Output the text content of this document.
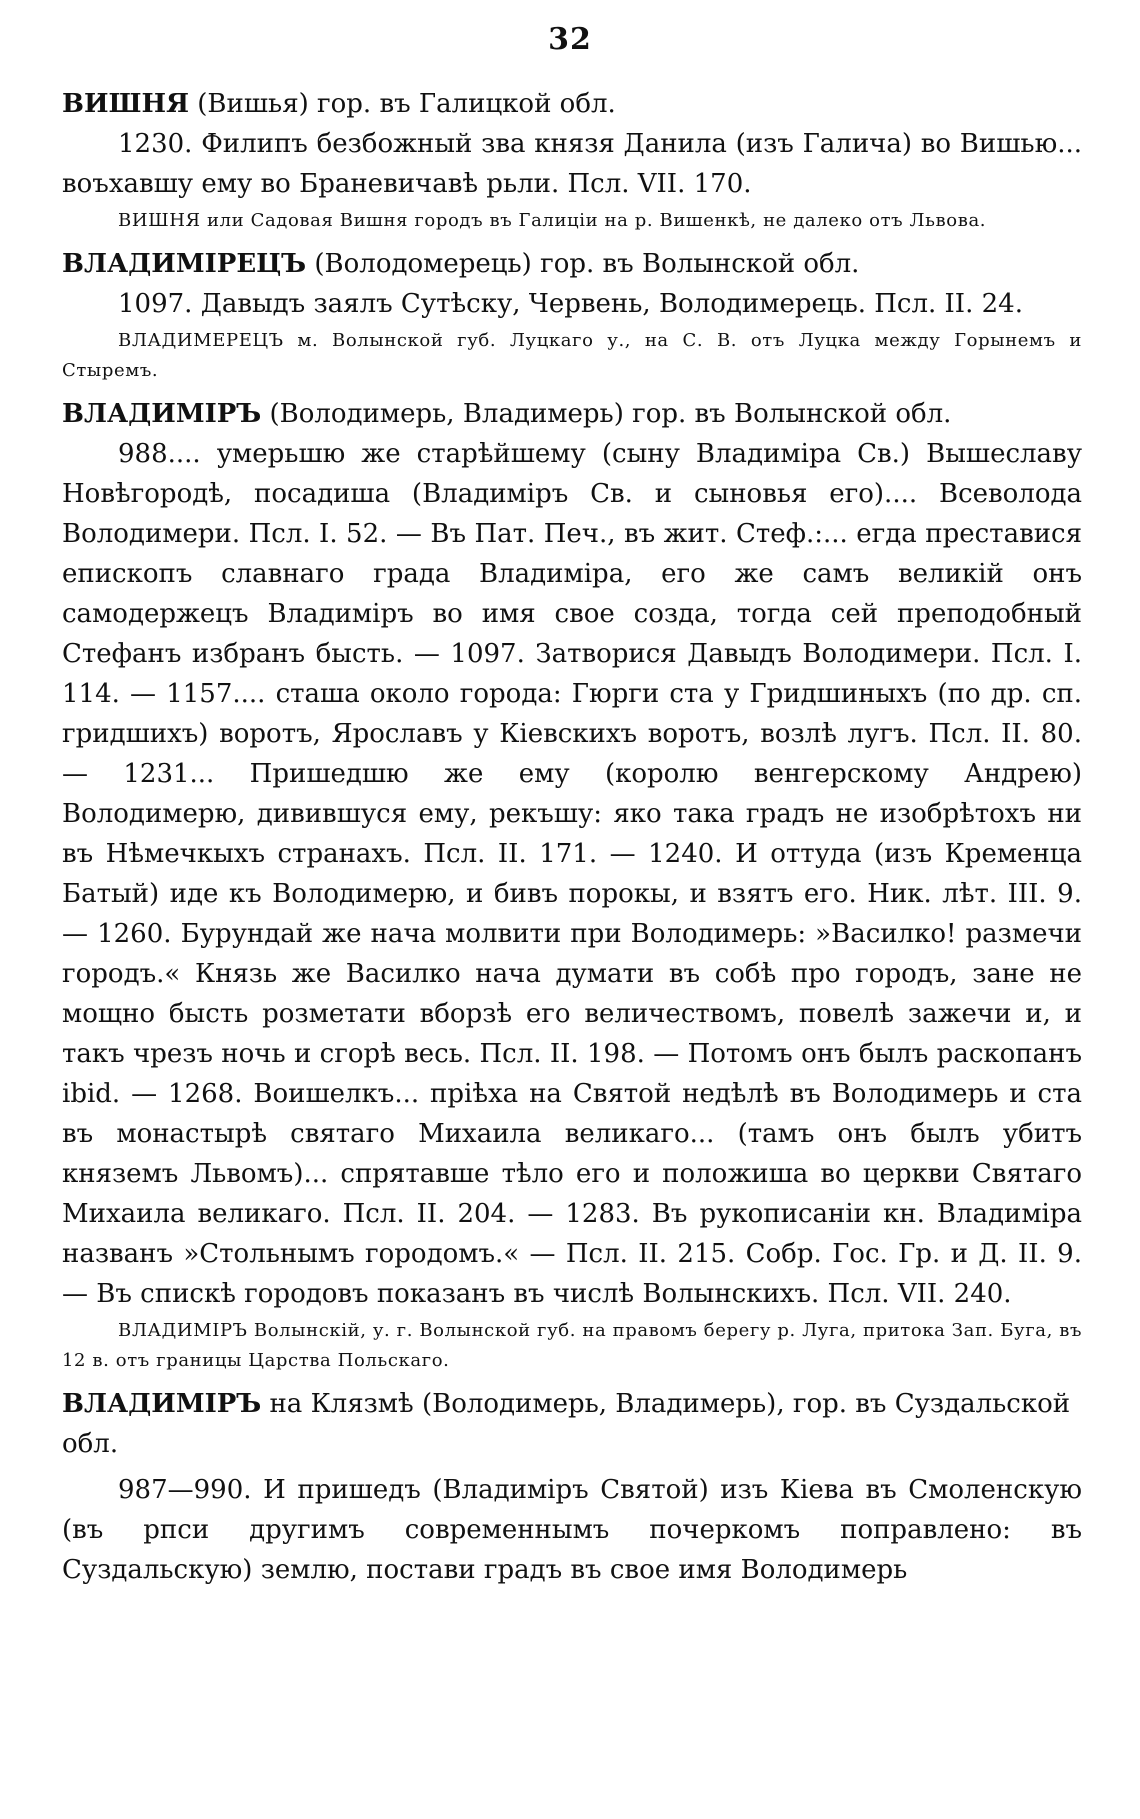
32

ВИШНЯ (Вишья) гор. въ Галицкой обл.

1230. Филипъ безбожный зва князя Данила (изъ Галича) во Вишью... воъхавшу ему во Браневичавѣ рьли. Псл. VII. 170.

ВИШНЯ или Садовая Вишня городъ въ Галиціи на р. Вишенкѣ, не далеко отъ Львова.

ВЛАДИМІРЕЦЪ (Володомерець) гор. въ Волынской обл.

1097. Давыдъ заялъ Сутѣску, Червень, Володимерець. Псл. II. 24.

ВЛАДИМЕРЕЦЪ м. Волынской губ. Луцкаго у., на С. В. отъ Луцка между Горынемъ и Стыремъ.

ВЛАДИМІРЪ (Володимерь, Владимерь) гор. въ Волынской обл.

988.... умерьшю же старѣйшему (сыну Владиміра Св.) Вышеславу Новѣгородѣ, посадиша (Владиміръ Св. и сыновья его).... Всеволода Володимери. Псл. I. 52. — Въ Пат. Печ., въ жит. Стеф.:... егда преставися епископъ славнаго града Владиміра, его же самъ великій онъ самодержецъ Владиміръ во имя свое созда, тогда сей преподобный Стефанъ избранъ бысть. — 1097. Затворися Давыдъ Володимери. Псл. I. 114. — 1157.... сташа около города: Гюрги ста у Гридшиныхъ (по др. сп. гридшихъ) воротъ, Ярославъ у Кіевскихъ воротъ, возлѣ лугъ. Псл. II. 80. — 1231... Пришедшю же ему (королю венгерскому Андрею) Володимерю, дивившуся ему, рекъшу: яко така градъ не изобрѣтохъ ни въ Нѣмечкыхъ странахъ. Псл. II. 171. — 1240. И оттуда (изъ Кременца Батый) иде къ Володимерю, и бивъ порокы, и взятъ его. Ник. лѣт. III. 9. — 1260. Бурундай же нача молвити при Володимерь: »Василко! размечи городъ.« Князь же Василко нача думати въ собѣ про городъ, зане не мощно бысть розметати вборзѣ его величествомъ, повелѣ зажечи и, и такъ чрезъ ночь и сгорѣ весь. Псл. II. 198. — Потомъ онъ былъ раскопанъ ibid. — 1268. Воишелкъ... пріѣха на Святой недѣлѣ въ Володимерь и ста въ монастырѣ святаго Михаила великаго... (тамъ онъ былъ убитъ княземъ Львомъ)... спрятавше тѣло его и положиша во церкви Святаго Михаила великаго. Псл. II. 204. — 1283. Въ рукописаніи кн. Владиміра названъ »Стольнымъ городомъ.« — Псл. II. 215. Собр. Гос. Гр. и Д. II. 9. — Въ спискѣ городовъ показанъ въ числѣ Волынскихъ. Псл. VII. 240.

ВЛАДИМІРЪ Волынскій, у. г. Волынской губ. на правомъ берегу р. Луга, притока Зап. Буга, въ 12 в. отъ границы Царства Польскаго.

ВЛАДИМІРЪ на Клязмѣ (Володимерь, Владимерь), гор. въ Суздальской обл.

987—990. И пришедъ (Владиміръ Святой) изъ Кіева въ Смоленскую (въ рпси другимъ современнымъ почеркомъ поправлено: въ Суздальскую) землю, постави градъ въ свое имя Володимерь
